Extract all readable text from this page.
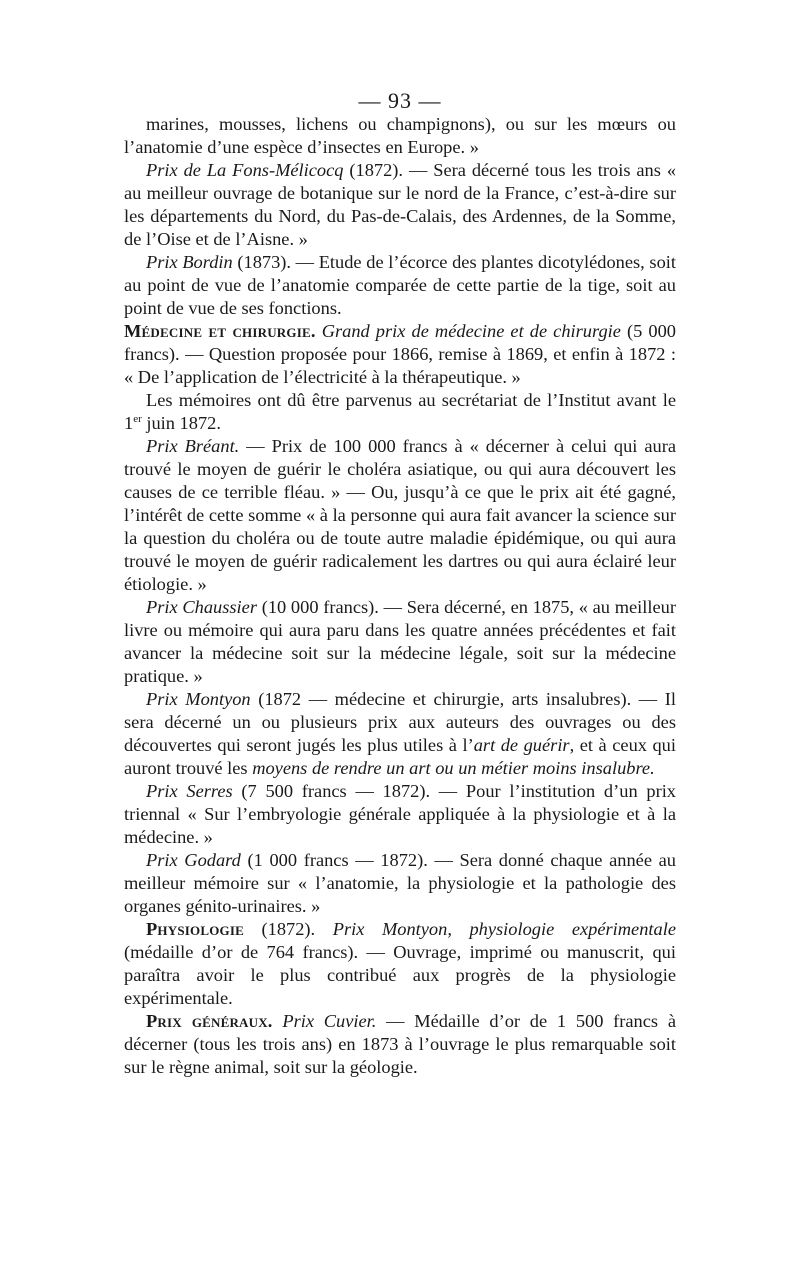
— 93 —

marines, mousses, lichens ou champignons), ou sur les mœurs ou l’anatomie d’une espèce d’insectes en Europe. »

Prix de La Fons-Mélicocq (1872). — Sera décerné tous les trois ans « au meilleur ouvrage de botanique sur le nord de la France, c’est-à-dire sur les départements du Nord, du Pas-de-Calais, des Ardennes, de la Somme, de l’Oise et de l’Aisne. »

Prix Bordin (1873). — Etude de l’écorce des plantes dicotylédones, soit au point de vue de l’anatomie comparée de cette partie de la tige, soit au point de vue de ses fonctions.

Médecine et chirurgie. Grand prix de médecine et de chirurgie (5 000 francs). — Question proposée pour 1866, remise à 1869, et enfin à 1872 : « De l’application de l’électricité à la thérapeutique. »

Les mémoires ont dû être parvenus au secrétariat de l’Institut avant le 1er juin 1872.

Prix Bréant. — Prix de 100 000 francs à « décerner à celui qui aura trouvé le moyen de guérir le choléra asiatique, ou qui aura découvert les causes de ce terrible fléau. » — Ou, jusqu’à ce que le prix ait été gagné, l’intérêt de cette somme « à la personne qui aura fait avancer la science sur la question du choléra ou de toute autre maladie épidémique, ou qui aura trouvé le moyen de guérir radicalement les dartres ou qui aura éclairé leur étiologie. »

Prix Chaussier (10 000 francs). — Sera décerné, en 1875, « au meilleur livre ou mémoire qui aura paru dans les quatre années précédentes et fait avancer la médecine soit sur la médecine légale, soit sur la médecine pratique. »

Prix Montyon (1872 — médecine et chirurgie, arts insalubres). — Il sera décerné un ou plusieurs prix aux auteurs des ouvrages ou des découvertes qui seront jugés les plus utiles à l’art de guérir, et à ceux qui auront trouvé les moyens de rendre un art ou un métier moins insalubre.

Prix Serres (7 500 francs — 1872). — Pour l’institution d’un prix triennal « Sur l’embryologie générale appliquée à la physiologie et à la médecine. »

Prix Godard (1 000 francs — 1872). — Sera donné chaque année au meilleur mémoire sur « l’anatomie, la physiologie et la pathologie des organes génito-urinaires. »

Physiologie (1872). Prix Montyon, physiologie expérimentale (médaille d’or de 764 francs). — Ouvrage, imprimé ou manuscrit, qui paraîtra avoir le plus contribué aux progrès de la physiologie expérimentale.

Prix généraux. Prix Cuvier. — Médaille d’or de 1 500 francs à décerner (tous les trois ans) en 1873 à l’ouvrage le plus remarquable soit sur le règne animal, soit sur la géologie.
